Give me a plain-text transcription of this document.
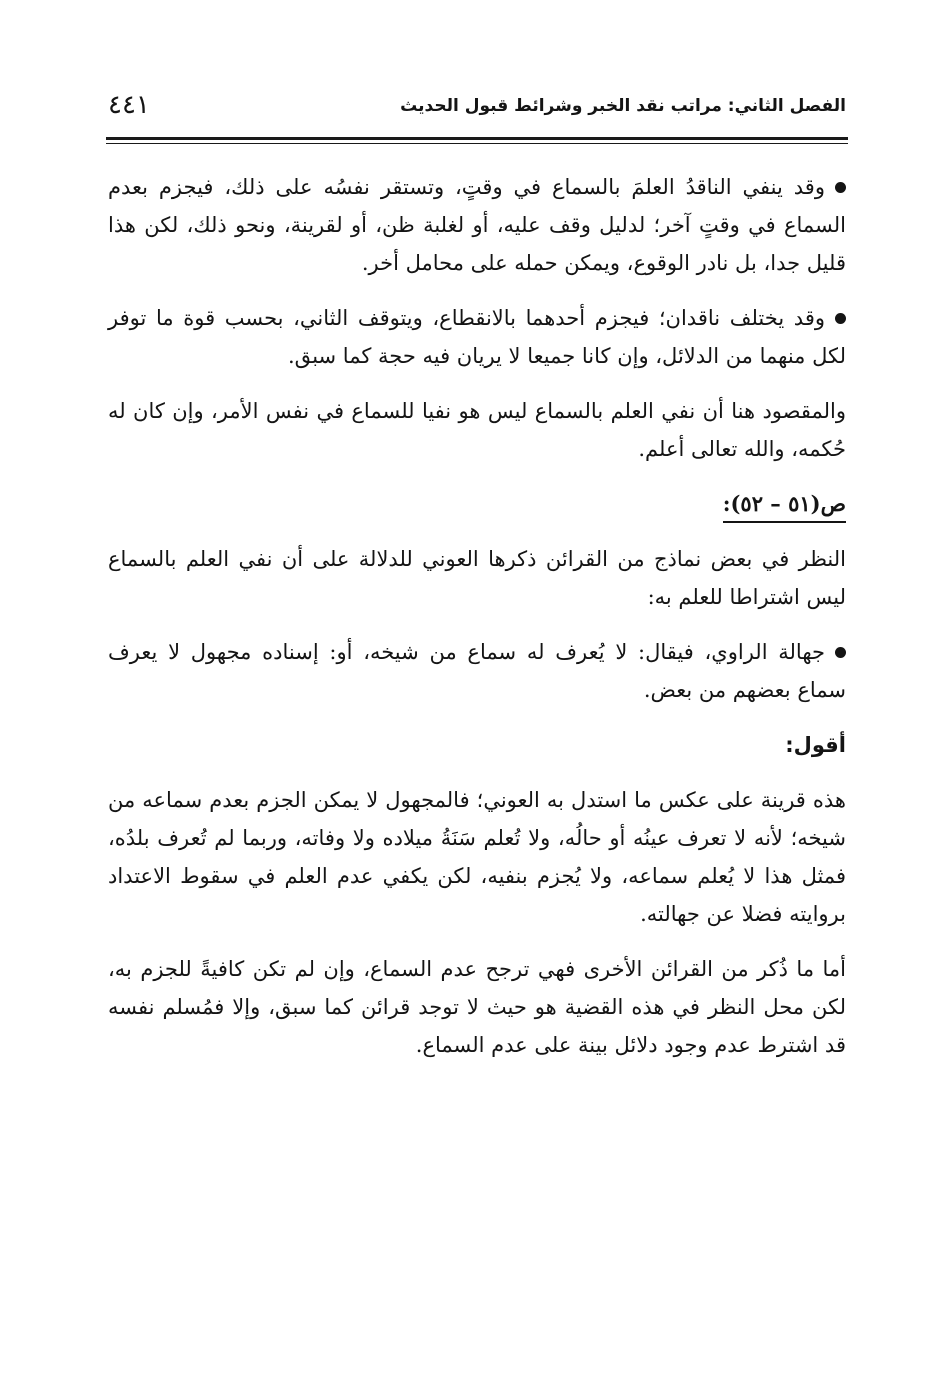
الفصل الثاني: مراتب نقد الخبر وشرائط قبول الحديث
٤٤١

وقد ينفي الناقدُ العلمَ بالسماع في وقتٍ، وتستقر نفسُه على ذلك، فيجزم بعدم السماع في وقتٍ آخر؛ لدليل وقف عليه، أو لغلبة ظن، أو لقرينة، ونحو ذلك، لكن هذا قليل جدا، بل نادر الوقوع، ويمكن حمله على محامل أخر.

وقد يختلف ناقدان؛ فيجزم أحدهما بالانقطاع، ويتوقف الثاني، بحسب قوة ما توفر لكل منهما من الدلائل، وإن كانا جميعا لا يريان فيه حجة كما سبق.

والمقصود هنا أن نفي العلم بالسماع ليس هو نفيا للسماع في نفس الأمر، وإن كان له حُكمه، والله تعالى أعلم.

ص(٥١ – ٥٢):

النظر في بعض نماذج من القرائن ذكرها العوني للدلالة على أن نفي العلم بالسماع ليس اشتراطا للعلم به:

جهالة الراوي، فيقال: لا يُعرف له سماع من شيخه، أو: إسناده مجهول لا يعرف سماع بعضهم من بعض.

أقول:

هذه قرينة على عكس ما استدل به العوني؛ فالمجهول لا يمكن الجزم بعدم سماعه من شيخه؛ لأنه لا تعرف عينُه أو حالُه، ولا تُعلم سَنَةُ ميلاده ولا وفاته، وربما لم تُعرف بلدُه، فمثل هذا لا يُعلم سماعه، ولا يُجزم بنفيه، لكن يكفي عدم العلم في سقوط الاعتداد بروايته فضلا عن جهالته.

أما ما ذُكر من القرائن الأخرى فهي ترجح عدم السماع، وإن لم تكن كافيةً للجزم به، لكن محل النظر في هذه القضية هو حيث لا توجد قرائن كما سبق، وإلا فمُسلم نفسه قد اشترط عدم وجود دلائل بينة على عدم السماع.
